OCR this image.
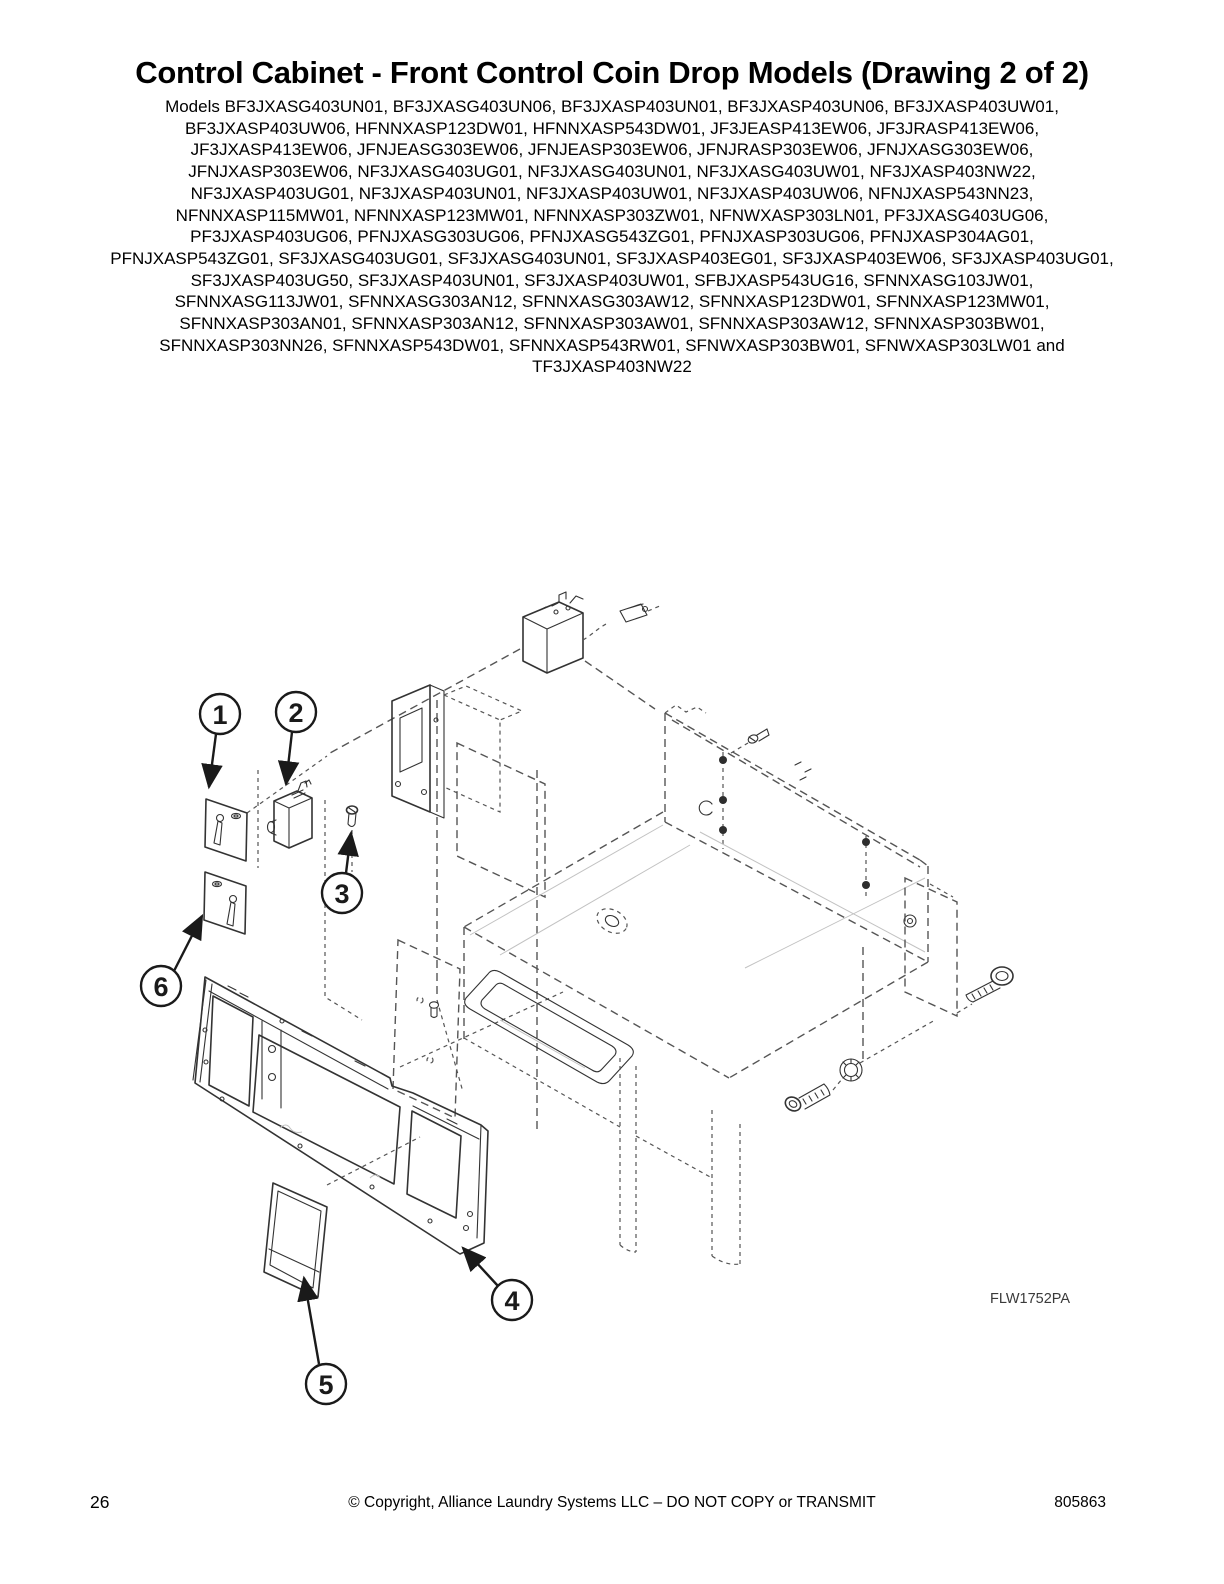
Control Cabinet - Front Control Coin Drop Models (Drawing 2 of 2)

Models BF3JXASG403UN01, BF3JXASG403UN06, BF3JXASP403UN01, BF3JXASP403UN06, BF3JXASP403UW01, BF3JXASP403UW06, HFNNXASP123DW01, HFNNXASP543DW01, JF3JEASP413EW06, JF3JRASP413EW06, JF3JXASP413EW06, JFNJEASG303EW06, JFNJEASP303EW06, JFNJRASP303EW06, JFNJXASG303EW06, JFNJXASP303EW06, NF3JXASG403UG01, NF3JXASG403UN01, NF3JXASG403UW01, NF3JXASP403NW22, NF3JXASP403UG01, NF3JXASP403UN01, NF3JXASP403UW01, NF3JXASP403UW06, NFNJXASP543NN23, NFNNXASP115MW01, NFNNXASP123MW01, NFNNXASP303ZW01, NFNWXASP303LN01, PF3JXASG403UG06, PF3JXASP403UG06, PFNJXASG303UG06, PFNJXASG543ZG01, PFNJXASP303UG06, PFNJXASP304AG01, PFNJXASP543ZG01, SF3JXASG403UG01, SF3JXASG403UN01, SF3JXASP403EG01, SF3JXASP403EW06, SF3JXASP403UG01, SF3JXASP403UG50, SF3JXASP403UN01, SF3JXASP403UW01, SFBJXASP543UG16, SFNNXASG103JW01, SFNNXASG113JW01, SFNNXASG303AN12, SFNNXASG303AW12, SFNNXASP123DW01, SFNNXASP123MW01, SFNNXASP303AN01, SFNNXASP303AN12, SFNNXASP303AW01, SFNNXASP303AW12, SFNNXASP303BW01, SFNNXASP303NN26, SFNNXASP543DW01, SFNNXASP543RW01, SFNWXASP303BW01, SFNWXASP303LW01 and TF3JXASP403NW22

1 2
3
4
5
6
FLW1752PA
26	© Copyright, Alliance Laundry Systems LLC – DO NOT COPY or TRANSMIT	805863
